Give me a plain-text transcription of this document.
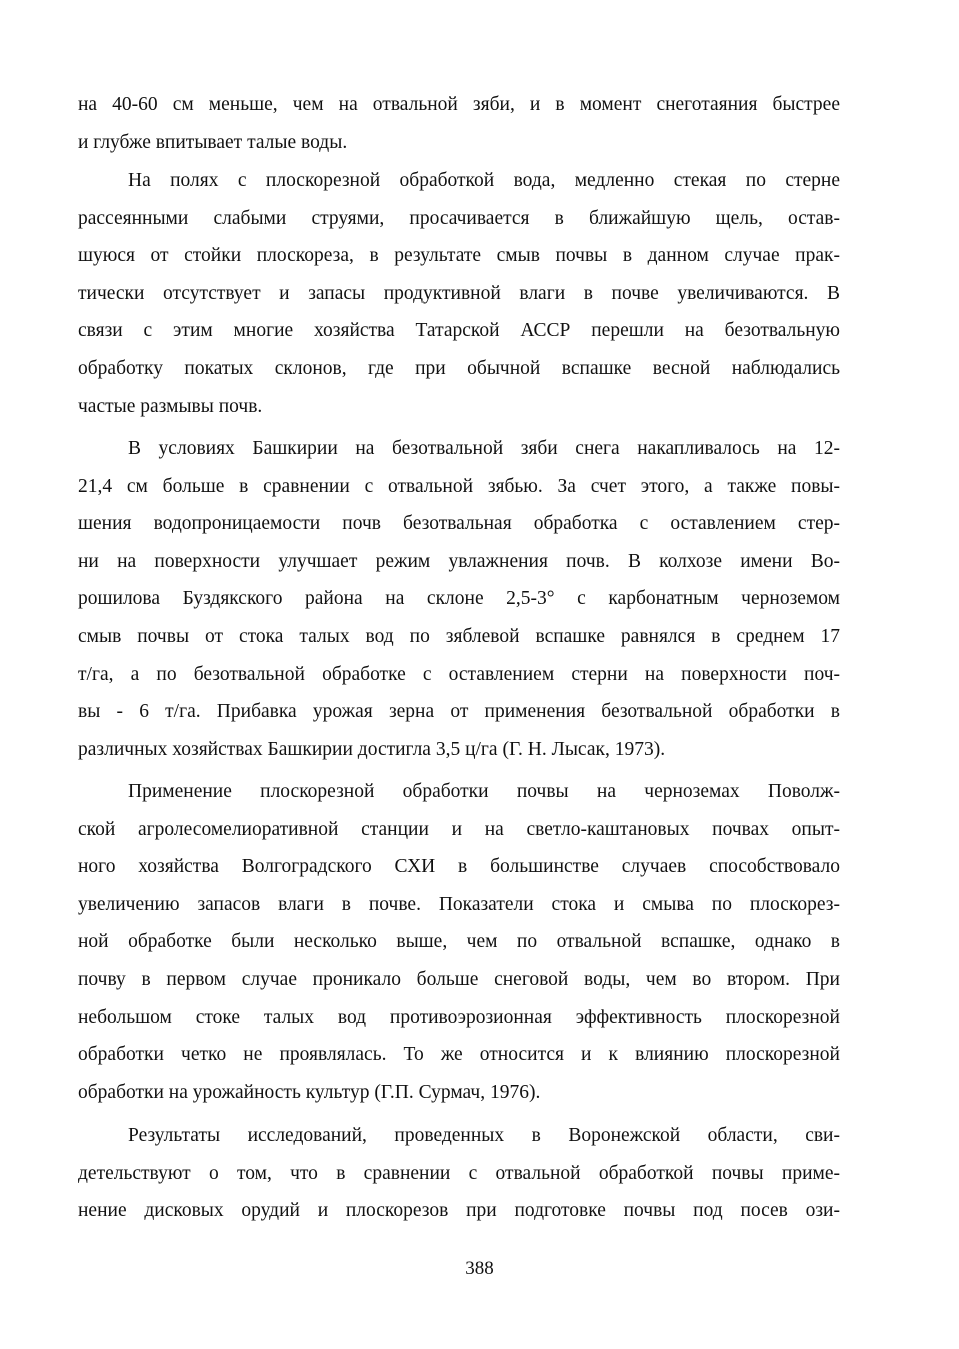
на 40-60 см меньше, чем на отвальной зяби, и в момент снеготаяния быстрее
и глубже впитывает талые воды.
На полях с плоскорезной обработкой вода, медленно стекая по стерне
рассеянными слабыми струями, просачивается в ближайшую щель, остав-
шуюся от стойки плоскореза, в результате смыв почвы в данном случае прак-
тически отсутствует и запасы продуктивной влаги в почве увеличиваются. В
связи с этим многие хозяйства Татарской АССР перешли на безотвальную
обработку покатых склонов, где при обычной вспашке весной наблюдались
частые размывы почв.
В условиях Башкирии на безотвальной зяби снега накапливалось на 12-
21,4 см больше в сравнении с отвальной зябью. За счет этого, а также повы-
шения водопроницаемости почв безотвальная обработка с оставлением стер-
ни на поверхности улучшает режим увлажнения почв. В колхозе имени Во-
рошилова Буздякского района на склоне 2,5-3° с карбонатным черноземом
смыв почвы от стока талых вод по зяблевой вспашке равнялся в среднем 17
т/га, а по безотвальной обработке с оставлением стерни на поверхности поч-
вы - 6 т/га. Прибавка урожая зерна от применения безотвальной обработки в
различных хозяйствах Башкирии достигла 3,5 ц/га (Г. Н. Лысак, 1973).
Применение плоскорезной обработки почвы на черноземах Поволж-
ской агролесомелиоративной станции и на светло-каштановых почвах опыт-
ного хозяйства Волгоградского СХИ в большинстве случаев способствовало
увеличению запасов влаги в почве. Показатели стока и смыва по плоскорез-
ной обработке были несколько выше, чем по отвальной вспашке, однако в
почву в первом случае проникало больше снеговой воды, чем во втором. При
небольшом стоке талых вод противоэрозионная эффективность плоскорезной
обработки четко не проявлялась. То же относится и к влиянию плоскорезной
обработки на урожайность культур (Г.П. Сурмач, 1976).
Результаты исследований, проведенных в Воронежской области, сви-
детельствуют о том, что в сравнении с отвальной обработкой почвы приме-
нение дисковых орудий и плоскорезов при подготовке почвы под посев ози-
388
